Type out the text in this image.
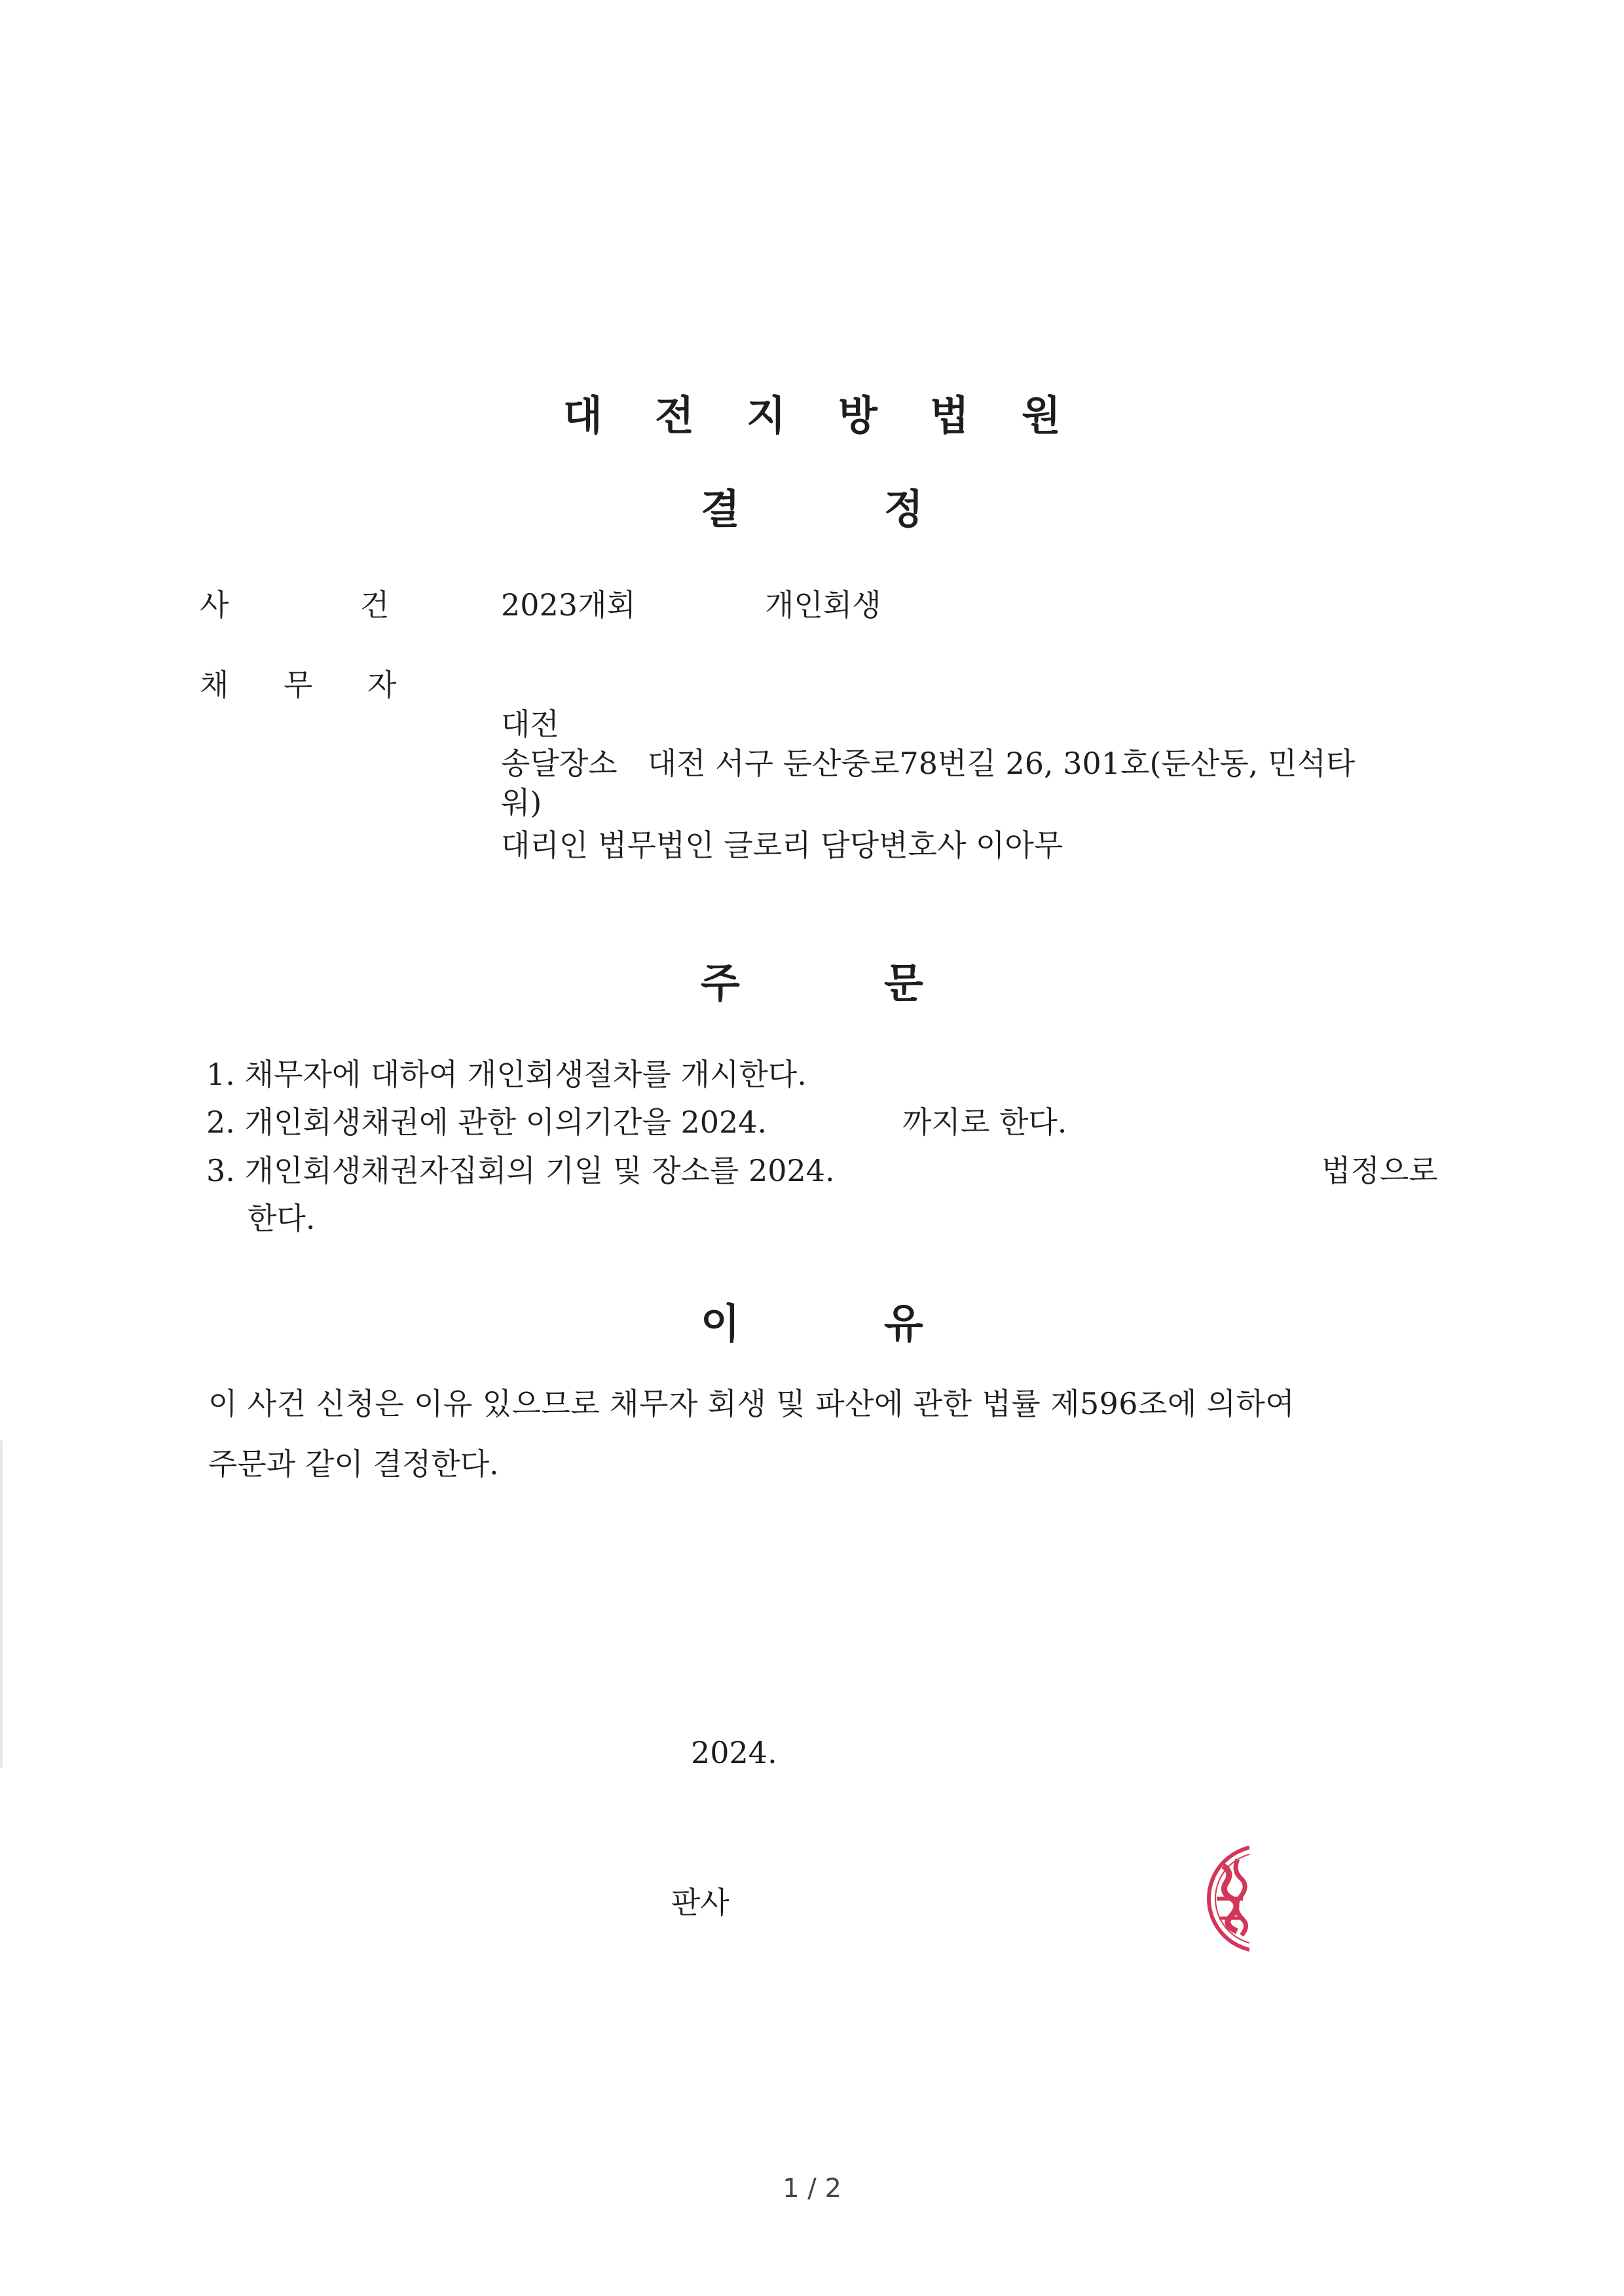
대 전 지 방 법 원
결	정
사	건	2023개회	개인회생
채 무 자
대전
송달장소　대전 서구 둔산중로78번길 26, 301호(둔산동, 민석타
워)
대리인 법무법인 글로리 담당변호사 이아무
주	문
1. 채무자에 대하여 개인회생절차를 개시한다.
2. 개인회생채권에 관한 이의기간을 2024.	까지로 한다.
3. 개인회생채권자집회의 기일 및 장소를 2024.	법정으로
한다.
이	유
이 사건 신청은 이유 있으므로 채무자 회생 및 파산에 관한 법률 제596조에 의하여
주문과 같이 결정한다.
2024.
판사
1 / 2
